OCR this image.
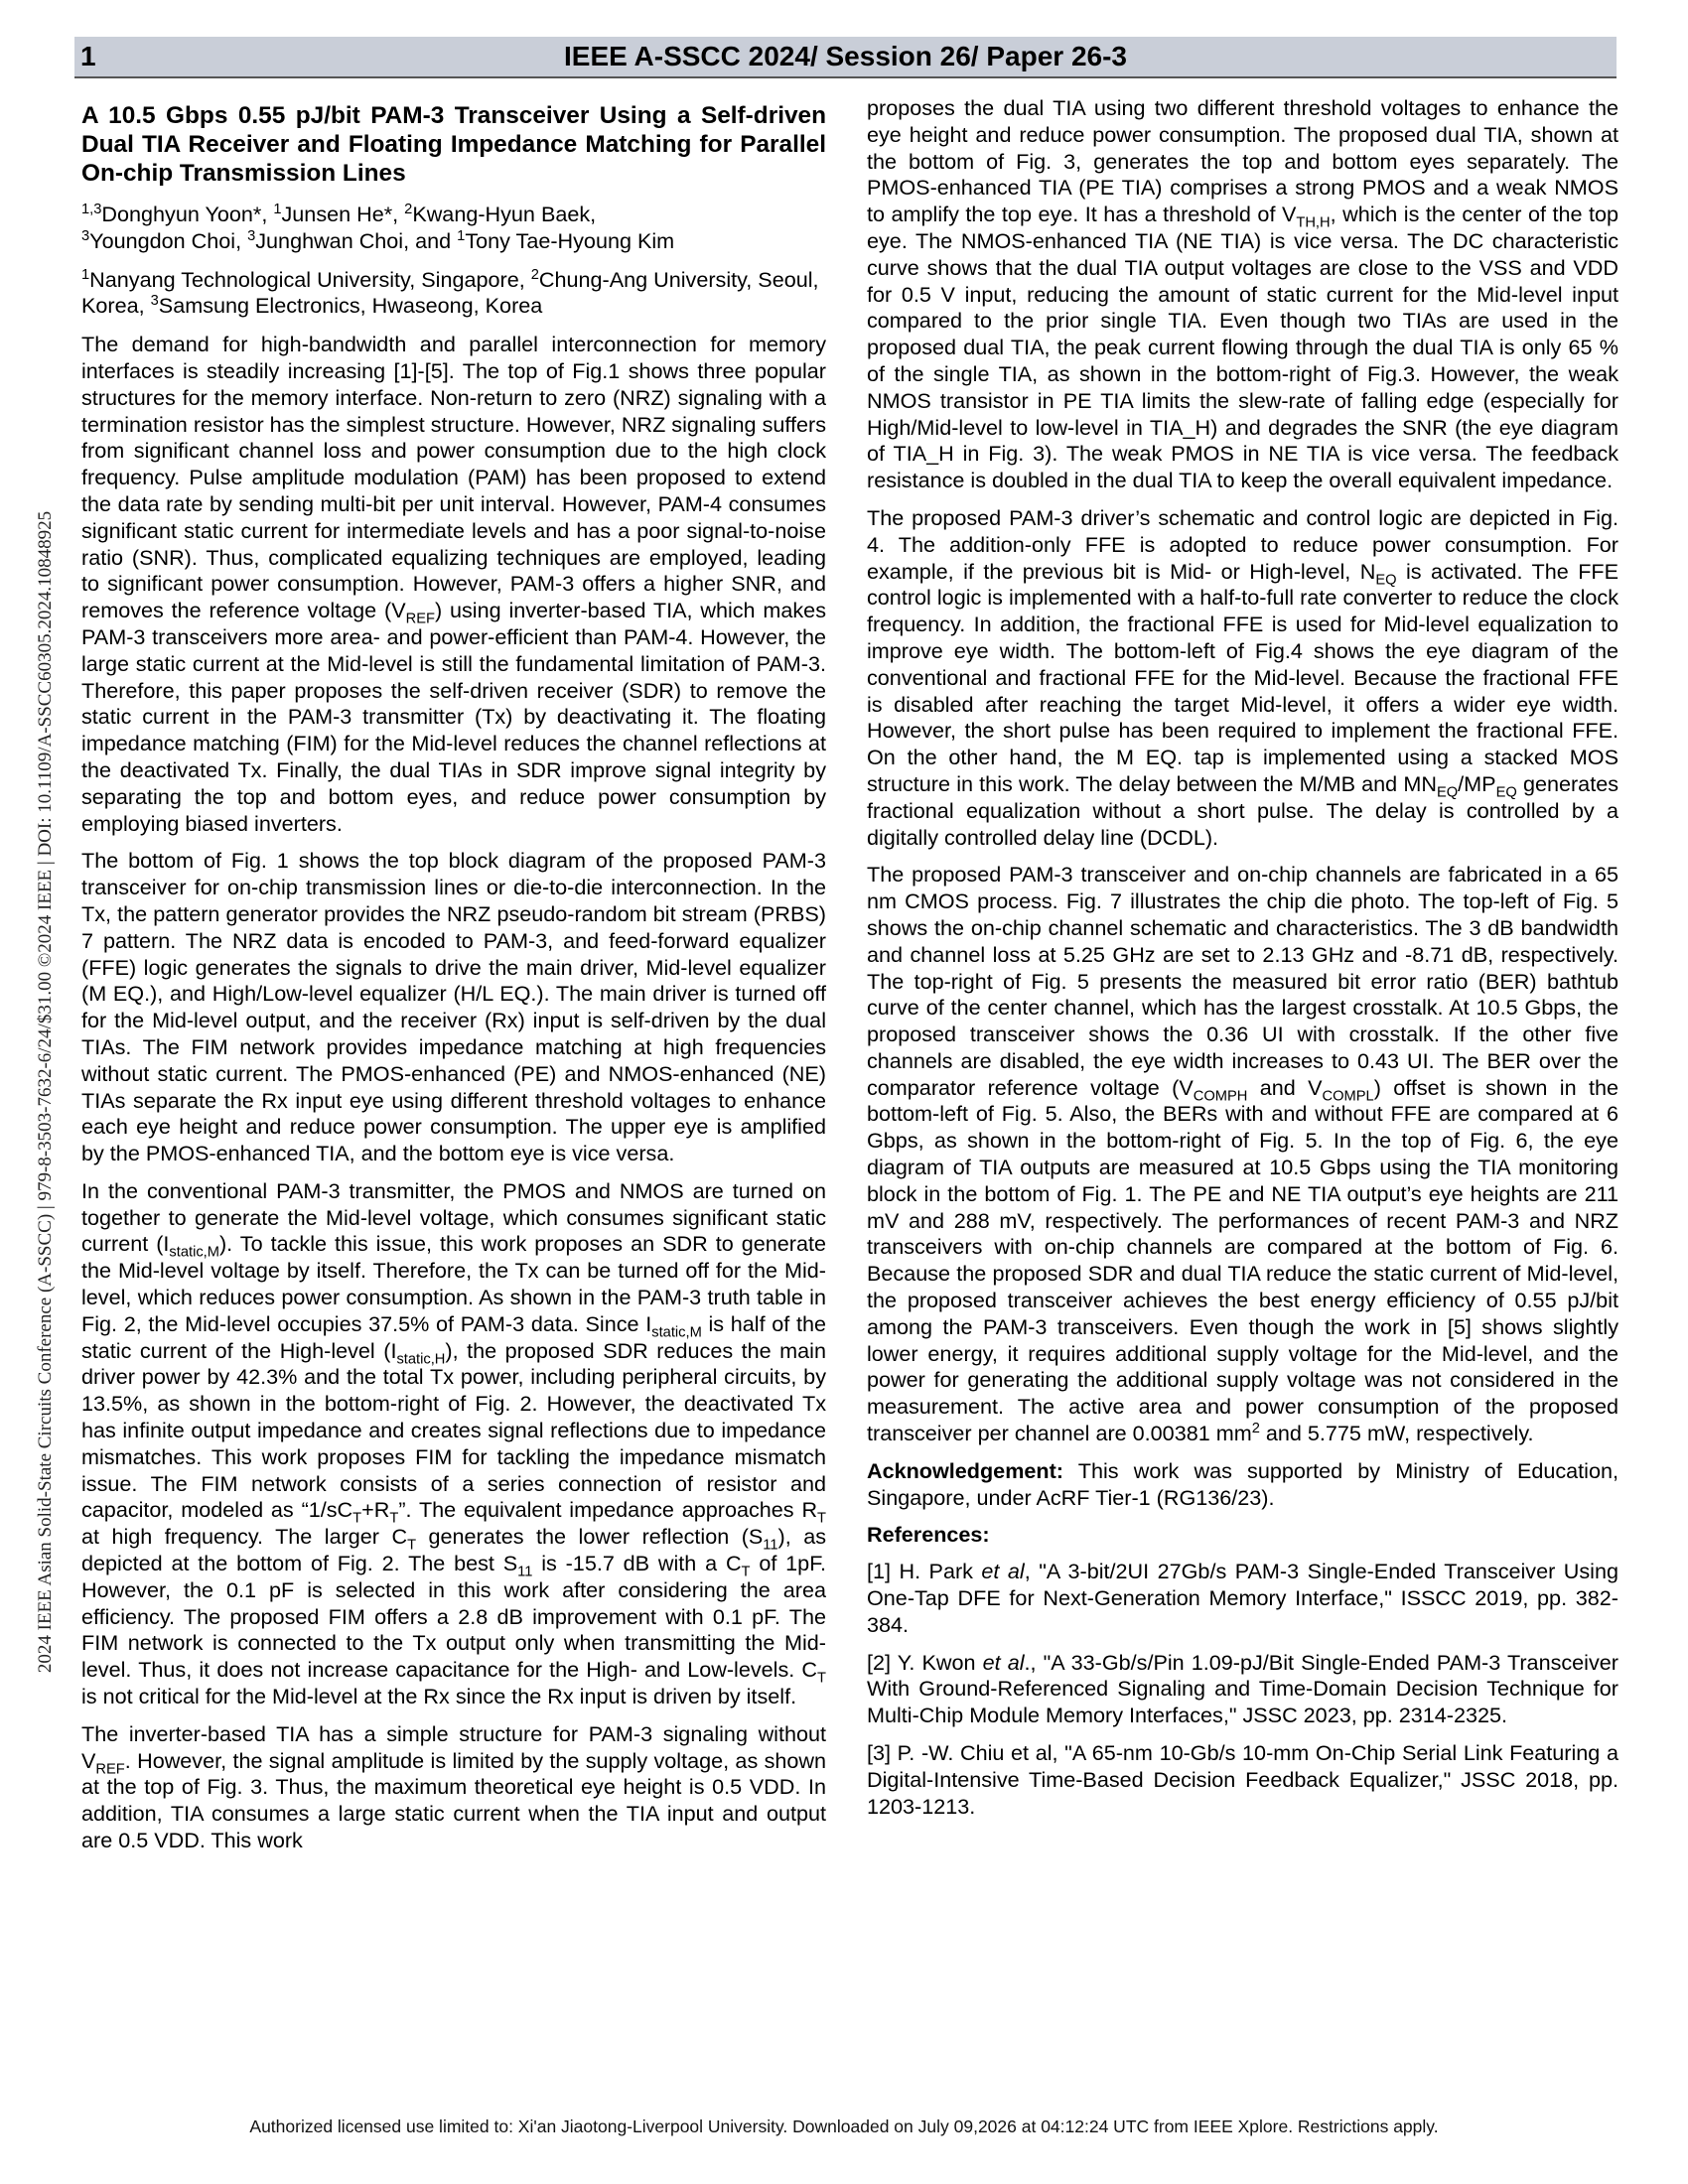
1	IEEE A-SSCC 2024/ Session 26/ Paper 26-3
2024 IEEE Asian Solid-State Circuits Conference (A-SSCC) | 979-8-3503-7632-6/24/$31.00 ©2024 IEEE | DOI: 10.1109/A-SSCC60305.2024.10848925

A 10.5 Gbps 0.55 pJ/bit PAM-3 Transceiver Using a Self-driven Dual TIA Receiver and Floating Impedance Matching for Parallel On-chip Transmission Lines

$^{1,3}$Donghyun Yoon*, $^1$Junsen He*, $^2$Kwang-Hyun Baek,
$^3$Youngdon Choi, $^3$Junghwan Choi, and $^1$Tony Tae-Hyoung Kim

$^1$Nanyang Technological University, Singapore, $^2$Chung-Ang University, Seoul, Korea, $^3$Samsung Electronics, Hwaseong, Korea

The demand for high-bandwidth and parallel interconnection for memory interfaces is steadily increasing [1]-[5]. The top of Fig.1 shows three popular structures for the memory interface. Non-return to zero (NRZ) signaling with a termination resistor has the simplest structure. However, NRZ signaling suffers from significant channel loss and power consumption due to the high clock frequency. Pulse amplitude modulation (PAM) has been proposed to extend the data rate by sending multi-bit per unit interval. However, PAM-4 consumes significant static current for intermediate levels and has a poor signal-to-noise ratio (SNR). Thus, complicated equalizing techniques are employed, leading to significant power consumption. However, PAM-3 offers a higher SNR, and removes the reference voltage $(V_{REF})$ using inverter-based TIA, which makes PAM-3 transceivers more area- and power-efficient than PAM-4. However, the large static current at the Mid-level is still the fundamental limitation of PAM-3. Therefore, this paper proposes the self-driven receiver (SDR) to remove the static current in the PAM-3 transmitter (Tx) by deactivating it. The floating impedance matching (FIM) for the Mid-level reduces the channel reflections at the deactivated Tx. Finally, the dual TIAs in SDR improve signal integrity by separating the top and bottom eyes, and reduce power consumption by employing biased inverters.

The bottom of Fig. 1 shows the top block diagram of the proposed PAM-3 transceiver for on-chip transmission lines or die-to-die interconnection. In the Tx, the pattern generator provides the NRZ pseudo-random bit stream (PRBS) 7 pattern. The NRZ data is encoded to PAM-3, and feed-forward equalizer (FFE) logic generates the signals to drive the main driver, Mid-level equalizer (M EQ.), and High/Low-level equalizer (H/L EQ.). The main driver is turned off for the Mid-level output, and the receiver (Rx) input is self-driven by the dual TIAs. The FIM network provides impedance matching at high frequencies without static current. The PMOS-enhanced (PE) and NMOS-enhanced (NE) TIAs separate the Rx input eye using different threshold voltages to enhance each eye height and reduce power consumption. The upper eye is amplified by the PMOS-enhanced TIA, and the bottom eye is vice versa.

In the conventional PAM-3 transmitter, the PMOS and NMOS are turned on together to generate the Mid-level voltage, which consumes significant static current $(I_{static,M})$. To tackle this issue, this work proposes an SDR to generate the Mid-level voltage by itself. Therefore, the Tx can be turned off for the Mid-level, which reduces power consumption. As shown in the PAM-3 truth table in Fig. 2, the Mid-level occupies 37.5% of PAM-3 data. Since $I_{static,M}$ is half of the static current of the High-level $(I_{static,H})$, the proposed SDR reduces the main driver power by 42.3% and the total Tx power, including peripheral circuits, by 13.5%, as shown in the bottom-right of Fig. 2. However, the deactivated Tx has infinite output impedance and creates signal reflections due to impedance mismatches. This work proposes FIM for tackling the impedance mismatch issue. The FIM network consists of a series connection of resistor and capacitor, modeled as “$1/sC_T+R_T$”. The equivalent impedance approaches $R_T$ at high frequency. The larger $C_T$ generates the lower reflection $(S_{11})$, as depicted at the bottom of Fig. 2. The best $S_{11}$ is -15.7 dB with a $C_T$ of 1pF. However, the 0.1 pF is selected in this work after considering the area efficiency. The proposed FIM offers a 2.8 dB improvement with 0.1 pF. The FIM network is connected to the Tx output only when transmitting the Mid-level. Thus, it does not increase capacitance for the High- and Low-levels. $C_T$ is not critical for the Mid-level at the Rx since the Rx input is driven by itself.

The inverter-based TIA has a simple structure for PAM-3 signaling without $V_{REF}$. However, the signal amplitude is limited by the supply voltage, as shown at the top of Fig. 3. Thus, the maximum theoretical eye height is 0.5 VDD. In addition, TIA consumes a large static current when the TIA input and output are 0.5 VDD. This work

proposes the dual TIA using two different threshold voltages to enhance the eye height and reduce power consumption. The proposed dual TIA, shown at the bottom of Fig. 3, generates the top and bottom eyes separately. The PMOS-enhanced TIA (PE TIA) comprises a strong PMOS and a weak NMOS to amplify the top eye. It has a threshold of $V_{TH,H}$, which is the center of the top eye. The NMOS-enhanced TIA (NE TIA) is vice versa. The DC characteristic curve shows that the dual TIA output voltages are close to the VSS and VDD for 0.5 V input, reducing the amount of static current for the Mid-level input compared to the prior single TIA. Even though two TIAs are used in the proposed dual TIA, the peak current flowing through the dual TIA is only 65 % of the single TIA, as shown in the bottom-right of Fig.3. However, the weak NMOS transistor in PE TIA limits the slew-rate of falling edge (especially for High/Mid-level to low-level in TIA_H) and degrades the SNR (the eye diagram of TIA_H in Fig. 3). The weak PMOS in NE TIA is vice versa. The feedback resistance is doubled in the dual TIA to keep the overall equivalent impedance.

The proposed PAM-3 driver’s schematic and control logic are depicted in Fig. 4. The addition-only FFE is adopted to reduce power consumption. For example, if the previous bit is Mid- or High-level, $N_{EQ}$ is activated. The FFE control logic is implemented with a half-to-full rate converter to reduce the clock frequency. In addition, the fractional FFE is used for Mid-level equalization to improve eye width. The bottom-left of Fig.4 shows the eye diagram of the conventional and fractional FFE for the Mid-level. Because the fractional FFE is disabled after reaching the target Mid-level, it offers a wider eye width. However, the short pulse has been required to implement the fractional FFE. On the other hand, the M EQ. tap is implemented using a stacked MOS structure in this work. The delay between the M/MB and $MN_{EQ}/MP_{EQ}$ generates fractional equalization without a short pulse. The delay is controlled by a digitally controlled delay line (DCDL).

The proposed PAM-3 transceiver and on-chip channels are fabricated in a 65 nm CMOS process. Fig. 7 illustrates the chip die photo. The top-left of Fig. 5 shows the on-chip channel schematic and characteristics. The 3 dB bandwidth and channel loss at 5.25 GHz are set to 2.13 GHz and -8.71 dB, respectively. The top-right of Fig. 5 presents the measured bit error ratio (BER) bathtub curve of the center channel, which has the largest crosstalk. At 10.5 Gbps, the proposed transceiver shows the 0.36 UI with crosstalk. If the other five channels are disabled, the eye width increases to 0.43 UI. The BER over the comparator reference voltage ($V_{COMPH}$ and $V_{COMPL}$) offset is shown in the bottom-left of Fig. 5. Also, the BERs with and without FFE are compared at 6 Gbps, as shown in the bottom-right of Fig. 5. In the top of Fig. 6, the eye diagram of TIA outputs are measured at 10.5 Gbps using the TIA monitoring block in the bottom of Fig. 1. The PE and NE TIA output’s eye heights are 211 mV and 288 mV, respectively. The performances of recent PAM-3 and NRZ transceivers with on-chip channels are compared at the bottom of Fig. 6. Because the proposed SDR and dual TIA reduce the static current of Mid-level, the proposed transceiver achieves the best energy efficiency of 0.55 pJ/bit among the PAM-3 transceivers. Even though the work in [5] shows slightly lower energy, it requires additional supply voltage for the Mid-level, and the power for generating the additional supply voltage was not considered in the measurement. The active area and power consumption of the proposed transceiver per channel are 0.00381 $mm^2$ and 5.775 mW, respectively.

Acknowledgement: This work was supported by Ministry of Education, Singapore, under AcRF Tier-1 (RG136/23).

References:

[1] H. Park et al, "A 3-bit/2UI 27Gb/s PAM-3 Single-Ended Transceiver Using One-Tap DFE for Next-Generation Memory Interface," ISSCC 2019, pp. 382-384.

[2] Y. Kwon et al., "A 33-Gb/s/Pin 1.09-pJ/Bit Single-Ended PAM-3 Transceiver With Ground-Referenced Signaling and Time-Domain Decision Technique for Multi-Chip Module Memory Interfaces," JSSC 2023, pp. 2314-2325.

[3] P. -W. Chiu et al, "A 65-nm 10-Gb/s 10-mm On-Chip Serial Link Featuring a Digital-Intensive Time-Based Decision Feedback Equalizer," JSSC 2018, pp. 1203-1213.

Authorized licensed use limited to: Xi'an Jiaotong-Liverpool University. Downloaded on July 09,2026 at 04:12:24 UTC from IEEE Xplore. Restrictions apply.
